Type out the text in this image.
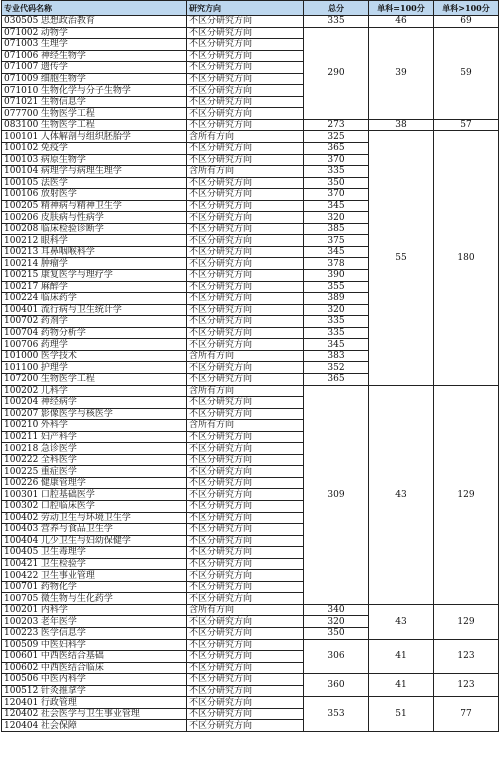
专业代码名称	研究方向	总分	单科=100分	单科>100分
030505 思想政治教育	不区分研究方向	335	46	69
071002 动物学	不区分研究方向	290	39	59
071003 生理学	不区分研究方向			
071006 神经生物学	不区分研究方向			
071007 遗传学	不区分研究方向			
071009 细胞生物学	不区分研究方向			
071010 生物化学与分子生物学	不区分研究方向			
071021 生物信息学	不区分研究方向			
077700 生物医学工程	不区分研究方向			
083100 生物医学工程	不区分研究方向	273	38	57
100101 人体解剖与组织胚胎学	含所有方向	325	55	180
100102 免疫学	不区分研究方向	365		
100103 病原生物学	不区分研究方向	370		
100104 病理学与病理生理学	含所有方向	335		
100105 法医学	不区分研究方向	350		
100106 放射医学	不区分研究方向	370		
100205 精神病与精神卫生学	不区分研究方向	345		
100206 皮肤病与性病学	不区分研究方向	320		
100208 临床检验诊断学	不区分研究方向	385		
100212 眼科学	不区分研究方向	375		
100213 耳鼻咽喉科学	不区分研究方向	345		
100214 肿瘤学	不区分研究方向	378		
100215 康复医学与理疗学	不区分研究方向	390		
100217 麻醉学	不区分研究方向	355		
100224 临床药学	不区分研究方向	389		
100401 流行病与卫生统计学	不区分研究方向	320		
100702 药剂学	不区分研究方向	335		
100704 药物分析学	不区分研究方向	335		
100706 药理学	不区分研究方向	345		
101000 医学技术	含所有方向	383		
101100 护理学	不区分研究方向	352		
107200 生物医学工程	不区分研究方向	365		
100202 儿科学	含所有方向	309	43	129
100204 神经病学	不区分研究方向			
100207 影像医学与核医学	不区分研究方向			
100210 外科学	含所有方向			
100211 妇产科学	不区分研究方向			
100218 急诊医学	不区分研究方向			
100222 全科医学	不区分研究方向			
100225 重症医学	不区分研究方向			
100226 健康管理学	不区分研究方向			
100301 口腔基础医学	不区分研究方向			
100302 口腔临床医学	不区分研究方向			
100402 劳动卫生与环境卫生学	不区分研究方向			
100403 营养与食品卫生学	不区分研究方向			
100404 儿少卫生与妇幼保健学	不区分研究方向			
100405 卫生毒理学	不区分研究方向			
100421 卫生检验学	不区分研究方向			
100422 卫生事业管理	不区分研究方向			
100701 药物化学	不区分研究方向			
100705 微生物与生化药学	不区分研究方向			
100201 内科学	含所有方向	340	43	129
100203 老年医学	不区分研究方向	320		
100223 医学信息学	不区分研究方向	350		
100509 中医妇科学	不区分研究方向	306	41	123
100601 中西医结合基础	不区分研究方向			
100602 中西医结合临床	不区分研究方向			
100506 中医内科学	不区分研究方向	360	41	123
100512 针灸推拿学	不区分研究方向			
120401 行政管理	不区分研究方向	353	51	77
120402 社会医学与卫生事业管理	不区分研究方向			
120404 社会保障	不区分研究方向			
